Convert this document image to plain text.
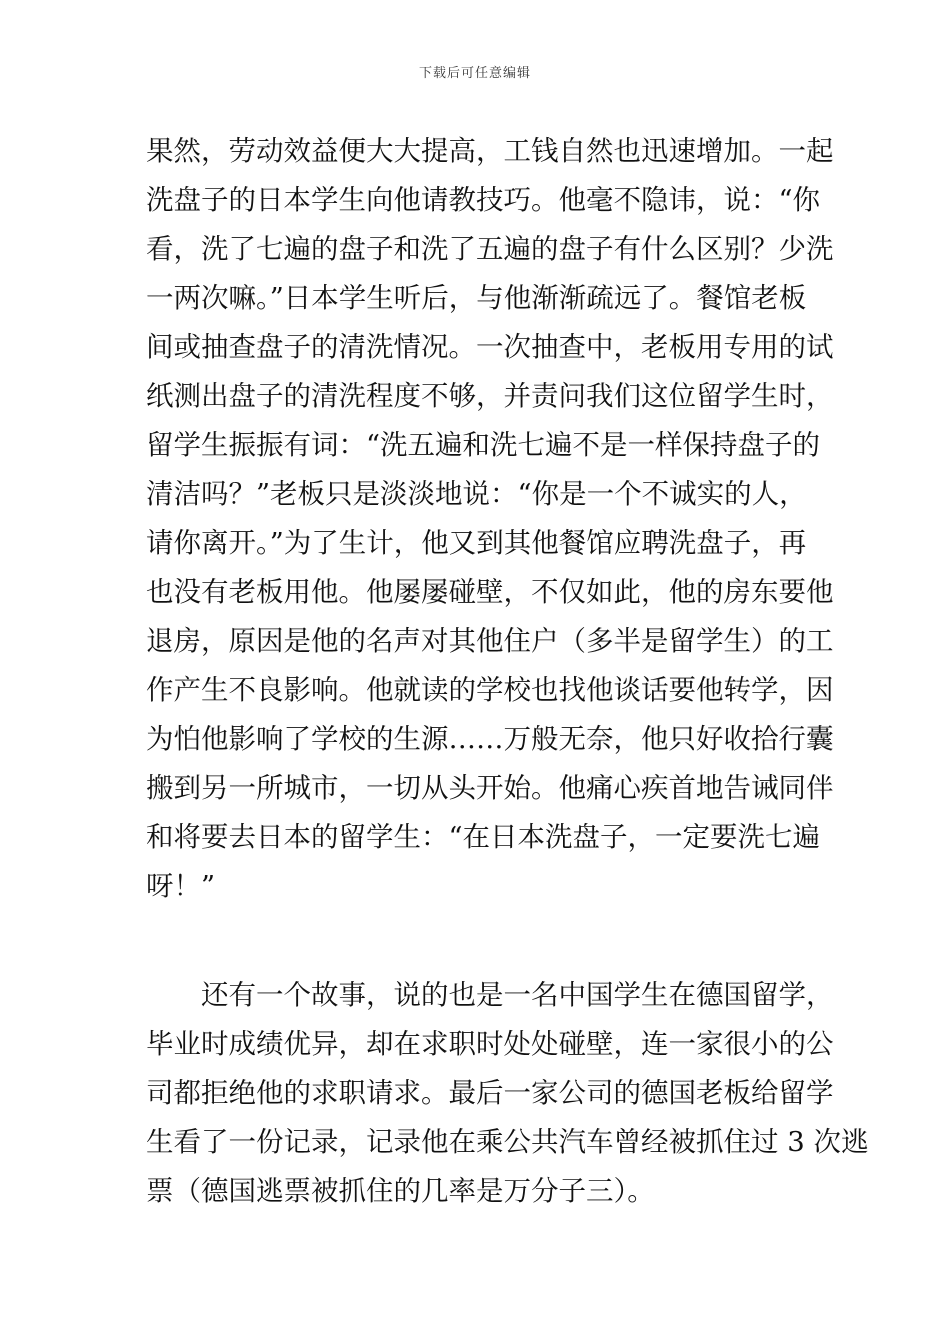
下载后可任意编辑
果然，劳动效益便大大提高，工钱自然也迅速增加。一起
洗盘子的日本学生向他请教技巧。他毫不隐讳，说：“你
看，洗了七遍的盘子和洗了五遍的盘子有什么区别？少洗
一两次嘛。”日本学生听后，与他渐渐疏远了。餐馆老板
间或抽查盘子的清洗情况。一次抽查中，老板用专用的试
纸测出盘子的清洗程度不够，并责问我们这位留学生时，
留学生振振有词：“洗五遍和洗七遍不是一样保持盘子的
清洁吗？”老板只是淡淡地说：“你是一个不诚实的人，
请你离开。”为了生计，他又到其他餐馆应聘洗盘子，再
也没有老板用他。他屡屡碰壁，不仅如此，他的房东要他
退房，原因是他的名声对其他住户（多半是留学生）的工
作产生不良影响。他就读的学校也找他谈话要他转学，因
为怕他影响了学校的生源……万般无奈，他只好收拾行囊
搬到另一所城市，一切从头开始。他痛心疾首地告诫同伴
和将要去日本的留学生：“在日本洗盘子，一定要洗七遍
呀！”
　　还有一个故事，说的也是一名中国学生在德国留学，
毕业时成绩优异，却在求职时处处碰壁，连一家很小的公
司都拒绝他的求职请求。最后一家公司的德国老板给留学
生看了一份记录，记录他在乘公共汽车曾经被抓住过 3 次逃
票（德国逃票被抓住的几率是万分子三）。
